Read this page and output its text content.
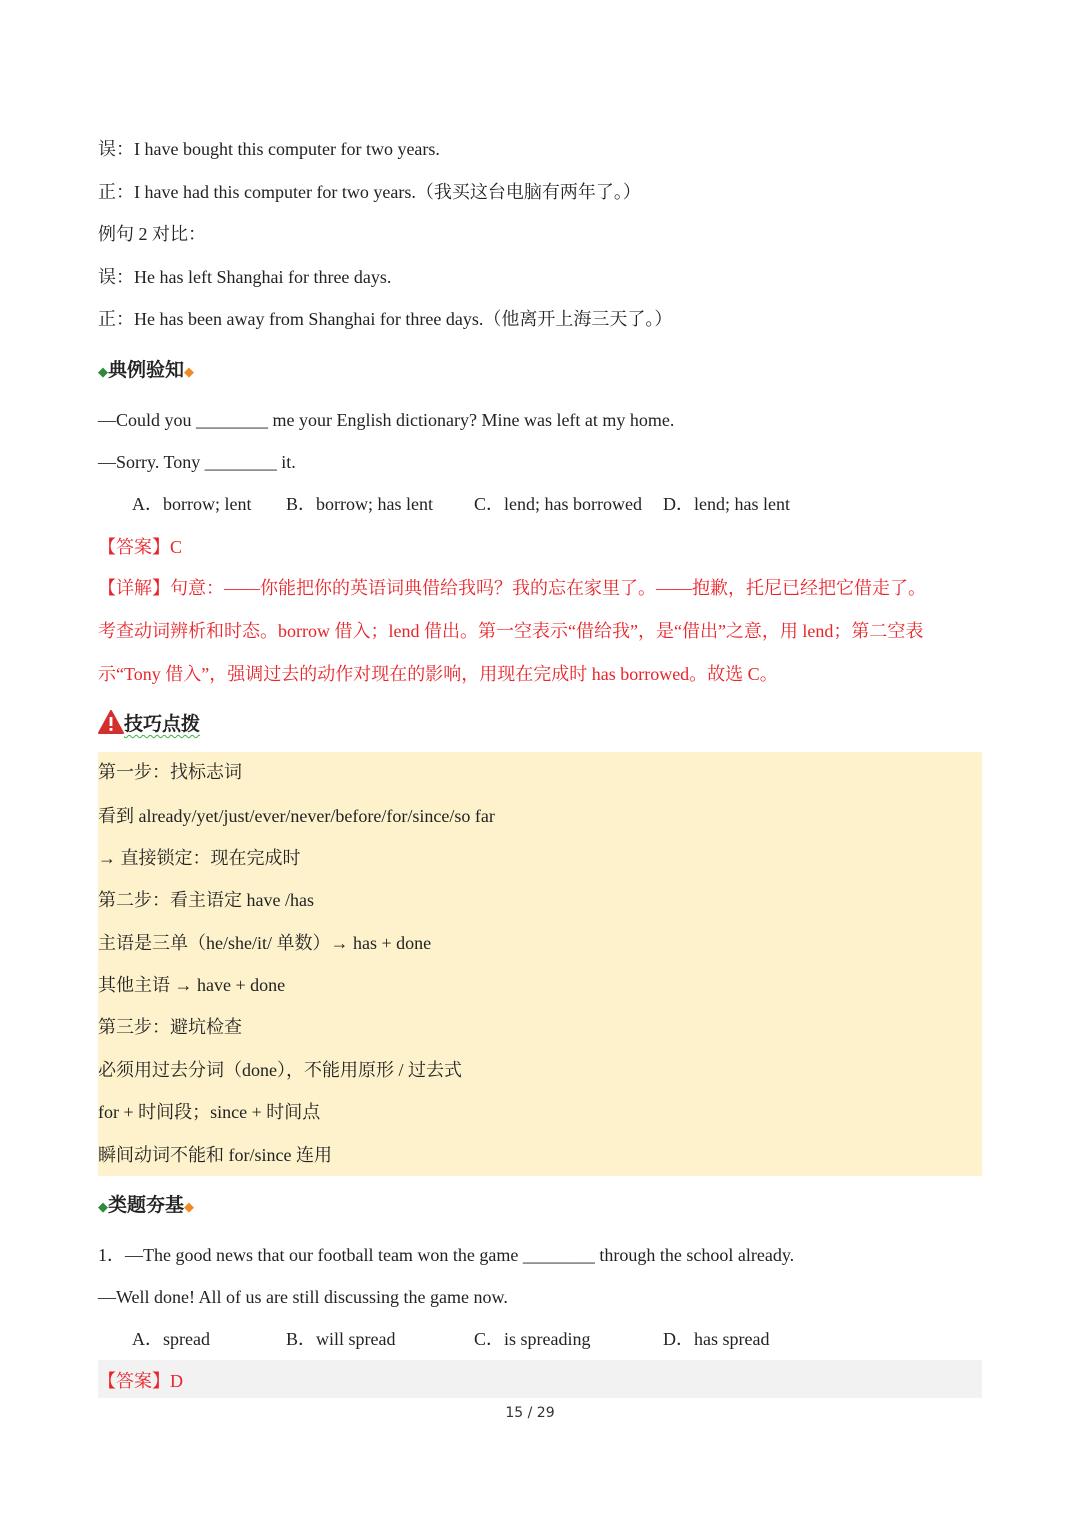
误：I have bought this computer for two years.
正：I have had this computer for two years.（我买这台电脑有两年了。）
例句 2 对比：
误：He has left Shanghai for three days.
正：He has been away from Shanghai for three days.（他离开上海三天了。）
◆典例验知◆
—Could you ________ me your English dictionary? Mine was left at my home.
—Sorry. Tony ________ it.
A．borrow; lent B．borrow; has lent C．lend; has borrowed D．lend; has lent
【答案】C
【详解】句意：——你能把你的英语词典借给我吗？我的忘在家里了。——抱歉，托尼已经把它借走了。
考查动词辨析和时态。borrow 借入；lend 借出。第一空表示“借给我”，是“借出”之意，用 lend；第二空表
示“Tony 借入”，强调过去的动作对现在的影响，用现在完成时 has borrowed。故选 C。
技巧点拨
第一步：找标志词
看到 already/yet/just/ever/never/before/for/since/so far
→ 直接锁定：现在完成时
第二步：看主语定 have /has
主语是三单（he/she/it/ 单数）→ has + done
其他主语 → have + done
第三步：避坑检查
必须用过去分词（done），不能用原形 / 过去式
for + 时间段；since + 时间点
瞬间动词不能和 for/since 连用
◆类题夯基◆
1．—The good news that our football team won the game ________ through the school already.
—Well done! All of us are still discussing the game now.
A．spread	B．will spread	C．is spreading	D．has spread
【答案】D
15 / 29
